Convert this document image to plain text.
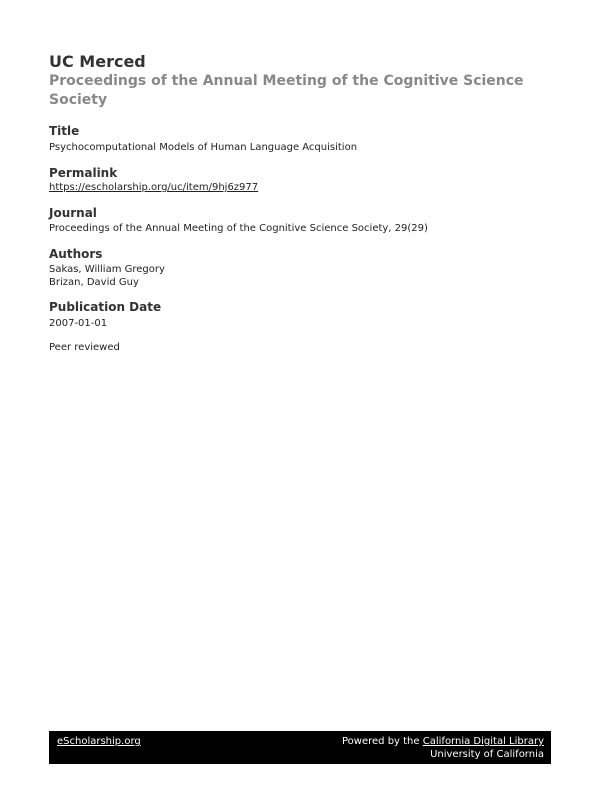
UC Merced
Proceedings of the Annual Meeting of the Cognitive Science Society
Title
Psychocomputational Models of Human Language Acquisition
Permalink
https://escholarship.org/uc/item/9hj6z977
Journal
Proceedings of the Annual Meeting of the Cognitive Science Society, 29(29)
Authors
Sakas, William Gregory
Brizan, David Guy
Publication Date
2007-01-01
Peer reviewed
eScholarship.org	Powered by the California Digital Library
University of California
